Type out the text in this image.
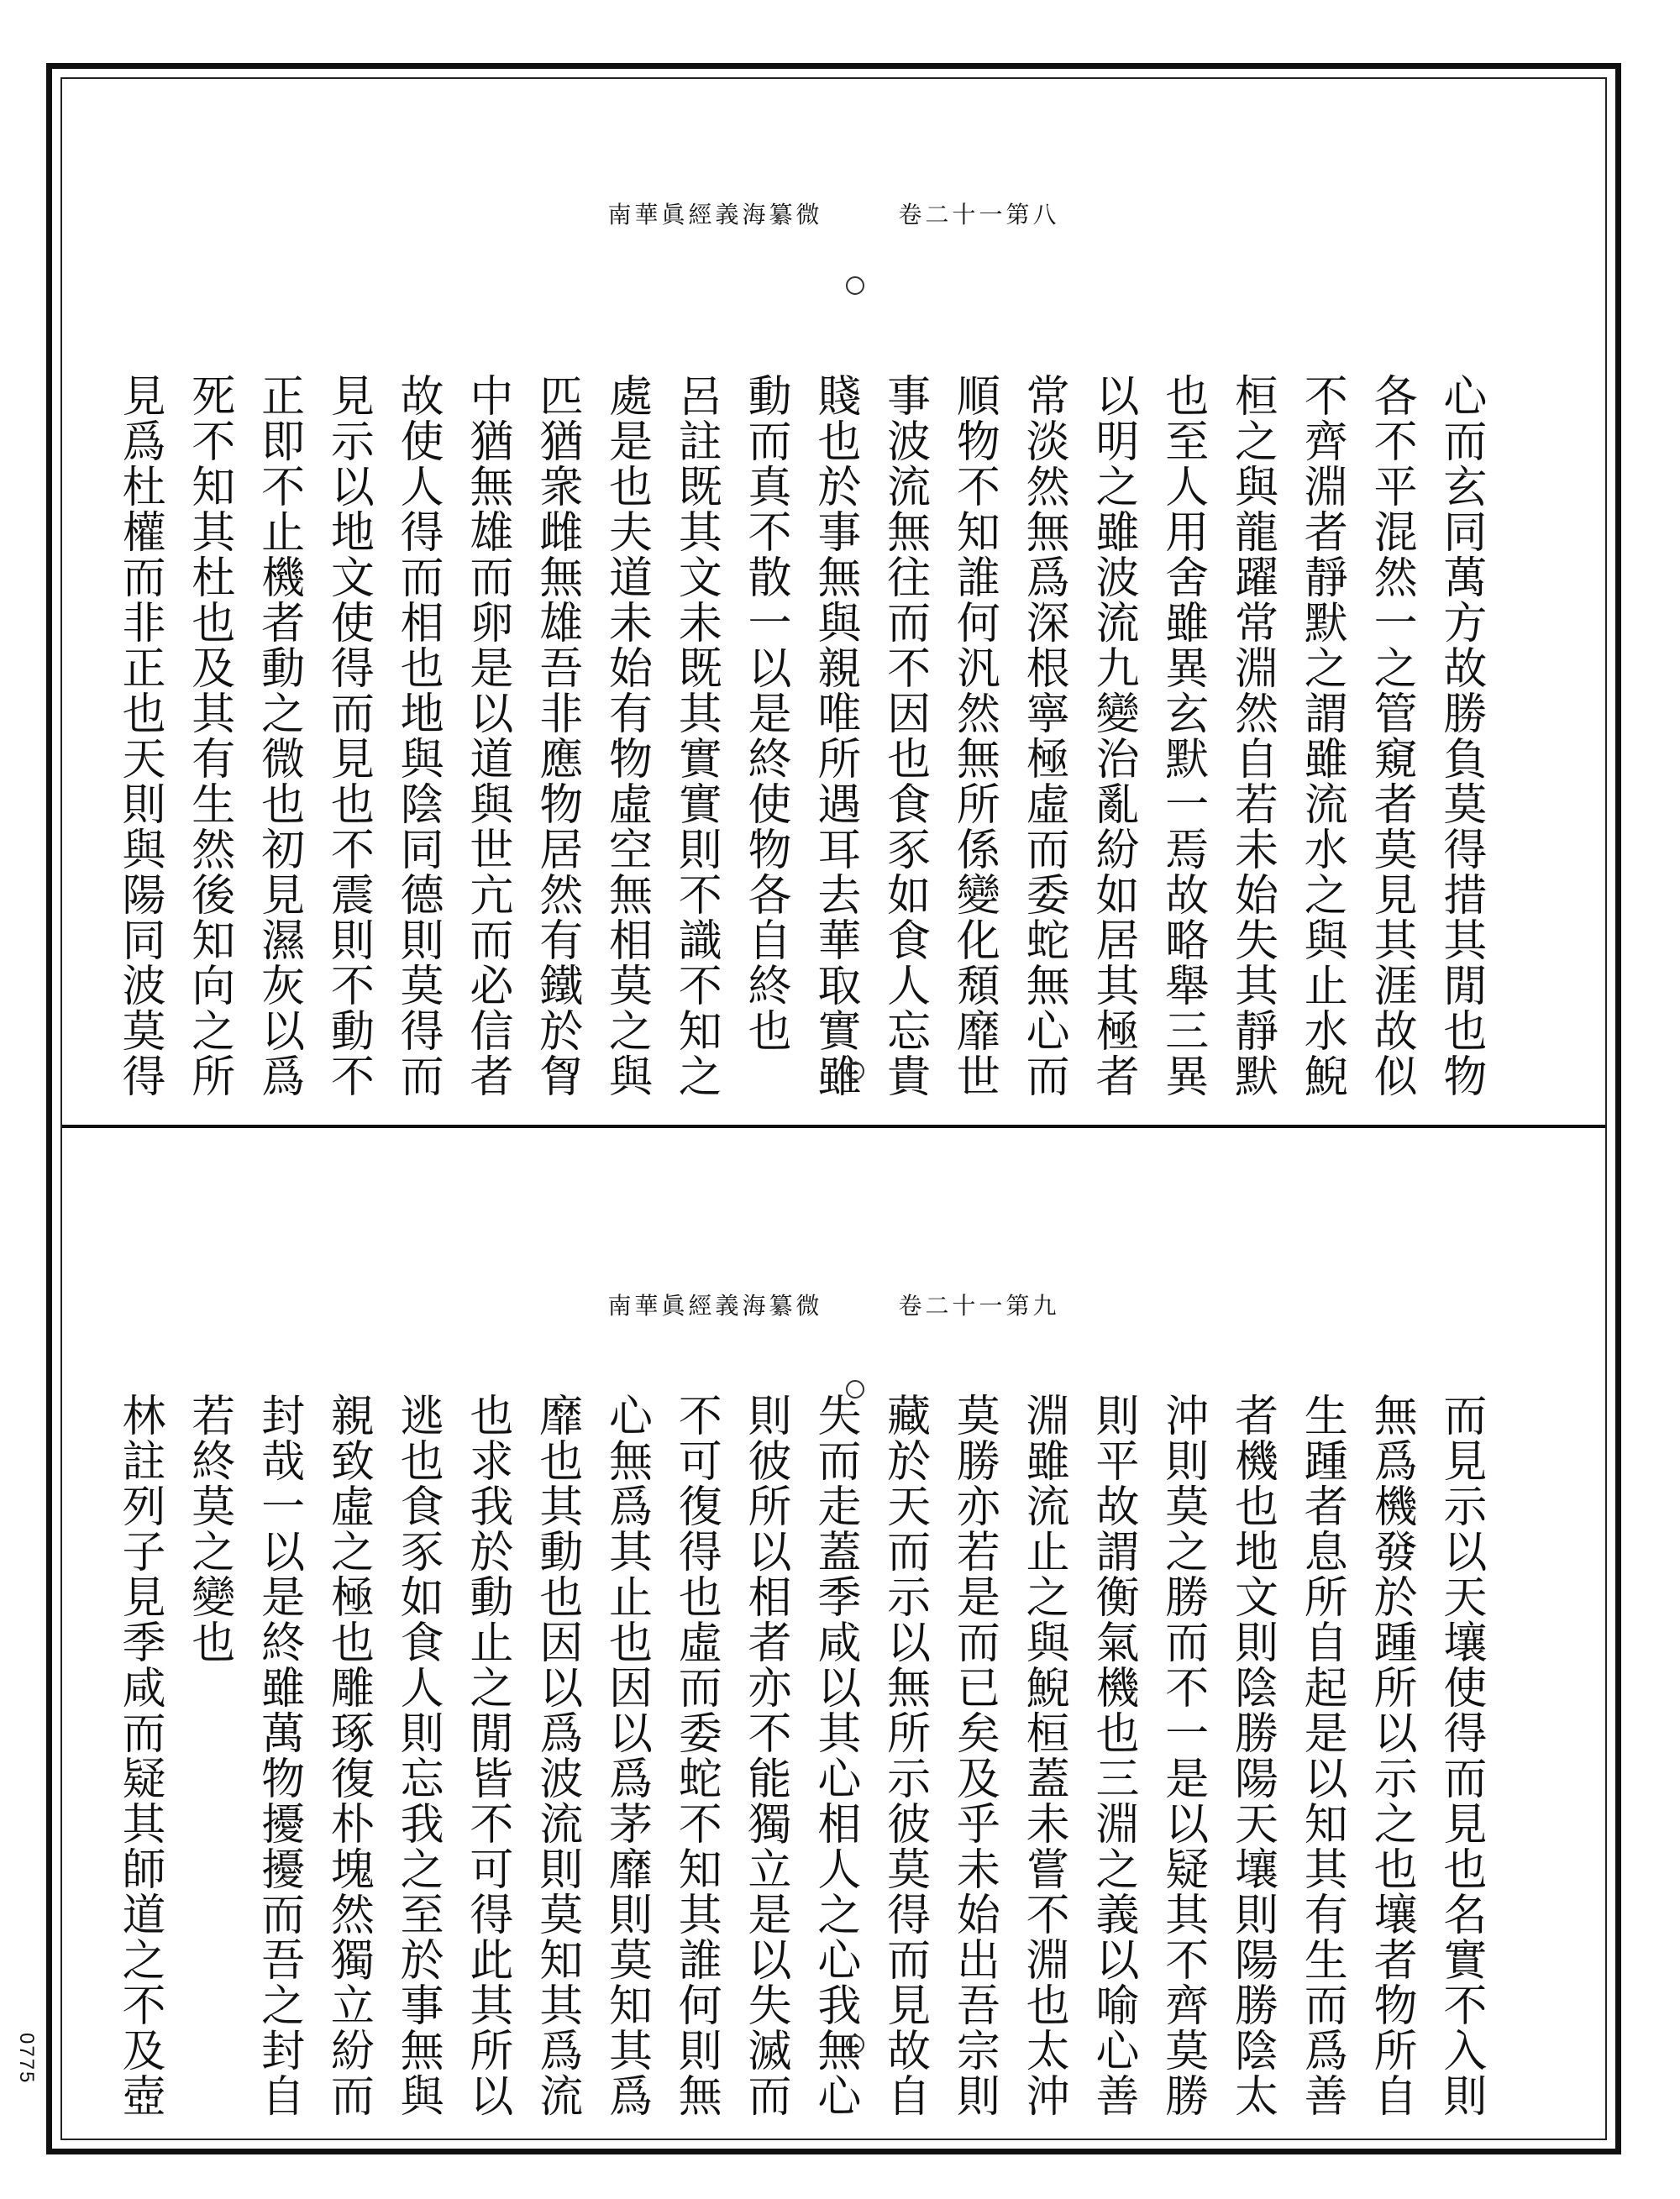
南華眞經義海纂微	卷二十一第八
心而玄同萬方故勝負莫得措其閒也物
各不平混然一之管窺者莫見其涯故似
不齊淵者靜默之謂雖流水之與止水鯢
桓之與龍躍常淵然自若未始失其靜默
也至人用舍雖異玄默一焉故略舉三異
以明之雖波流九變治亂紛如居其極者
常淡然無爲深根寧極虛而委蛇無心而
順物不知誰何汎然無所係變化頹靡世
事波流無往而不因也食豕如食人忘貴
賤也於事無與親唯所遇耳去華取實雖
動而真不散一以是終使物各自終也
呂註既其文未既其實實則不識不知之
處是也夫道未始有物虛空無相莫之與
匹猶衆雌無雄吾非應物居然有鐵於胷
中猶無雄而卵是以道與世亢而必信者
故使人得而相也地與陰同德則莫得而
見示以地文使得而見也不震則不動不
正即不止機者動之微也初見濕灰以爲
死不知其杜也及其有生然後知向之所
見爲杜權而非正也天則與陽同波莫得
南華眞經義海纂微	卷二十一第九
而見示以天壤使得而見也名實不入則
無爲機發於踵所以示之也壤者物所自
生踵者息所自起是以知其有生而爲善
者機也地文則陰勝陽天壤則陽勝陰太
沖則莫之勝而不一是以疑其不齊莫勝
則平故謂衡氣機也三淵之義以喻心善
淵雖流止之與鯢桓蓋未嘗不淵也太沖
莫勝亦若是而已矣及乎未始出吾宗則
藏於天而示以無所示彼莫得而見故自
失而走蓋季咸以其心相人之心我無心
則彼所以相者亦不能獨立是以失滅而
不可復得也虛而委蛇不知其誰何則無
心無爲其止也因以爲茅靡則莫知其爲
靡也其動也因以爲波流則莫知其爲流
也求我於動止之閒皆不可得此其所以
逃也食豕如食人則忘我之至於事無與
親致虛之極也雕琢復朴塊然獨立紛而
封哉一以是終雖萬物擾擾而吾之封自
若終莫之變也
林註列子見季咸而疑其師道之不及壺
0775
